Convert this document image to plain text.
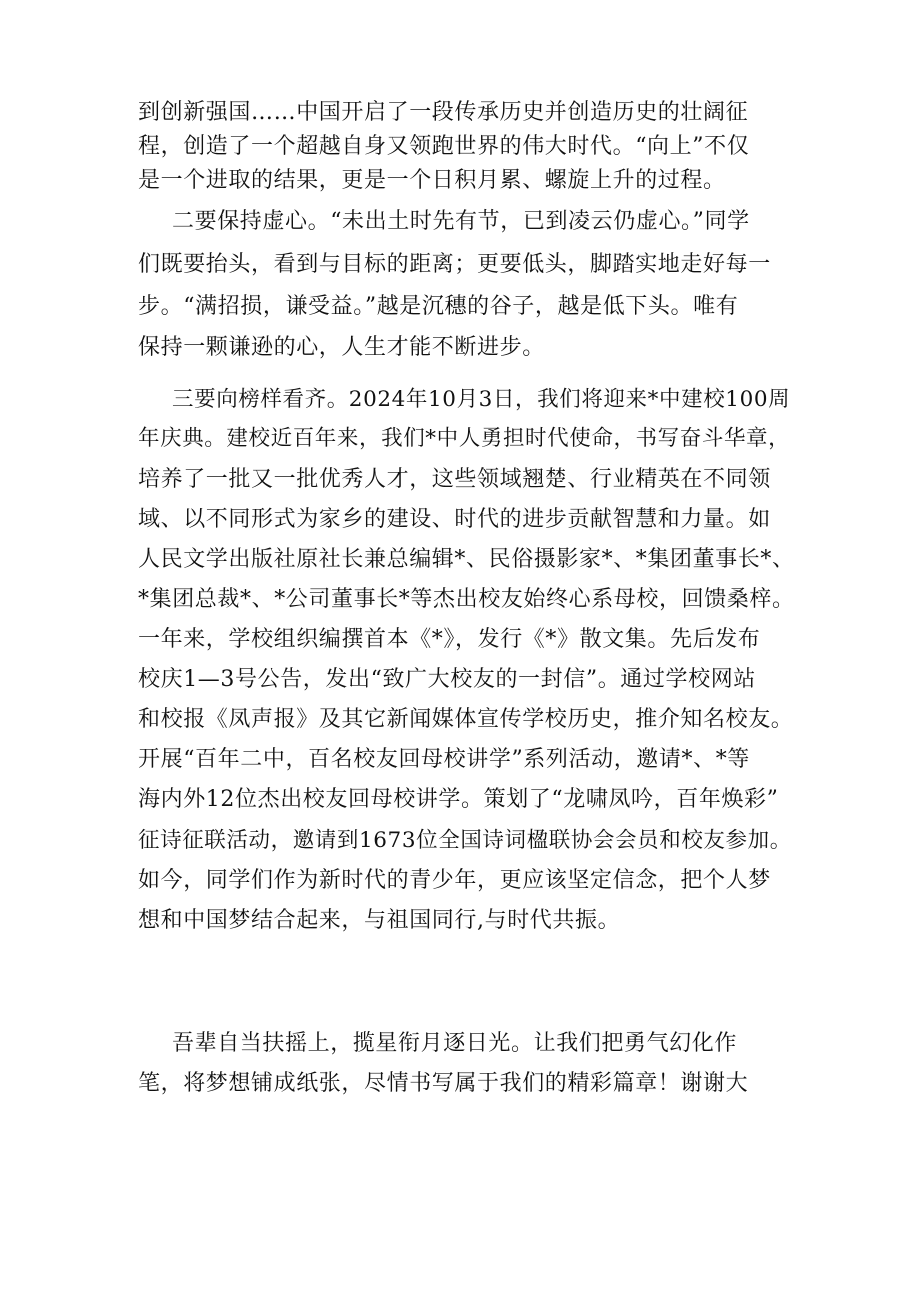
到创新强国……中国开启了一段传承历史并创造历史的壮阔征
程，创造了一个超越自身又领跑世界的伟大时代。“向上”不仅
是一个进取的结果，更是一个日积月累、螺旋上升的过程。
二要保持虚心。“未出土时先有节，已到凌云仍虚心。”同学
们既要抬头，看到与目标的距离；更要低头，脚踏实地走好每一
步。“满招损，谦受益。”越是沉穗的谷子，越是低下头。唯有
保持一颗谦逊的心，人生才能不断进步。
三要向榜样看齐。2024年10月3日，我们将迎来*中建校100周
年庆典。建校近百年来，我们*中人勇担时代使命，书写奋斗华章，
培养了一批又一批优秀人才，这些领域翘楚、行业精英在不同领
域、以不同形式为家乡的建设、时代的进步贡献智慧和力量。如
人民文学出版社原社长兼总编辑*、民俗摄影家*、*集团董事长*、
*集团总裁*、*公司董事长*等杰出校友始终心系母校，回馈桑梓。
一年来，学校组织编撰首本《*》，发行《*》散文集。先后发布
校庆1—3号公告，发出“致广大校友的一封信”。通过学校网站
和校报《凤声报》及其它新闻媒体宣传学校历史，推介知名校友。
开展“百年二中，百名校友回母校讲学”系列活动，邀请*、*等
海内外12位杰出校友回母校讲学。策划了“龙啸凤吟，百年焕彩”
征诗征联活动，邀请到1673位全国诗词楹联协会会员和校友参加。
如今，同学们作为新时代的青少年，更应该坚定信念，把个人梦
想和中国梦结合起来，与祖国同行,与时代共振。
吾辈自当扶摇上，揽星衔月逐日光。让我们把勇气幻化作
笔，将梦想铺成纸张，尽情书写属于我们的精彩篇章！谢谢大
